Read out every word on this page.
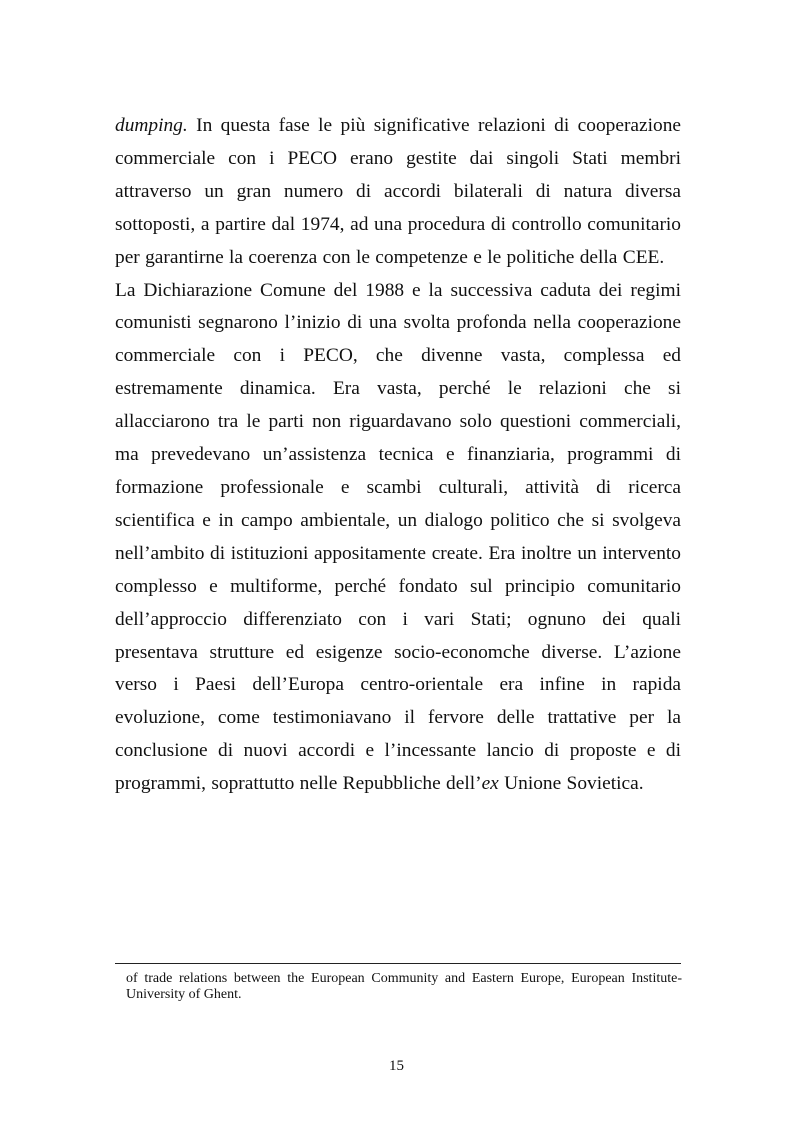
dumping. In questa fase le più significative relazioni di cooperazione commerciale con i PECO erano gestite dai singoli Stati membri attraverso un gran numero di accordi bilaterali di natura diversa sottoposti, a partire dal 1974, ad una procedura di controllo comunitario per garantirne la coerenza con le competenze e le politiche della CEE.

La Dichiarazione Comune del 1988 e la successiva caduta dei regimi comunisti segnarono l’inizio di una svolta profonda nella cooperazione commerciale con i PECO, che divenne vasta, complessa ed estremamente dinamica. Era vasta, perché le relazioni che si allacciarono tra le parti non riguardavano solo questioni commerciali, ma prevedevano un’assistenza tecnica e finanziaria, programmi di formazione professionale e scambi culturali, attività di ricerca scientifica e in campo ambientale, un dialogo politico che si svolgeva nell’ambito di istituzioni appositamente create. Era inoltre un intervento complesso e multiforme, perché fondato sul principio comunitario dell’approccio differenziato con i vari Stati; ognuno dei quali presentava strutture ed esigenze socio-economche diverse. L’azione verso i Paesi dell’Europa centro-orientale era infine in rapida evoluzione, come testimoniavano il fervore delle trattative per la conclusione di nuovi accordi e l’incessante lancio di proposte e di programmi, soprattutto nelle Repubbliche dell’ex Unione Sovietica.

of trade relations between the European Community and Eastern Europe, European Institute-University of Ghent.
15
